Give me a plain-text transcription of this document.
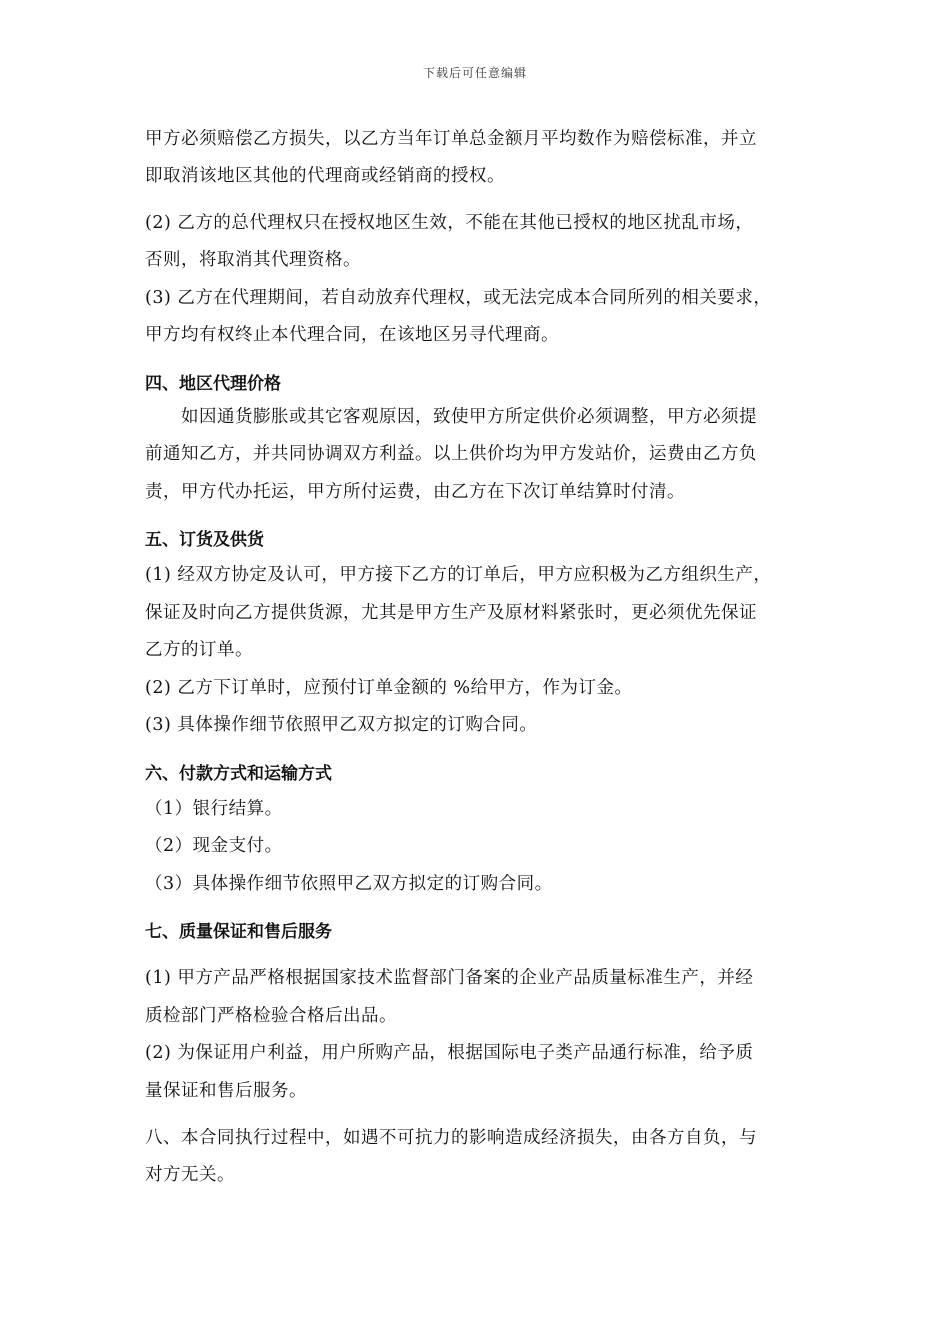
下载后可任意编辑
甲方必须赔偿乙方损失，以乙方当年订单总金额月平均数作为赔偿标准，并立
即取消该地区其他的代理商或经销商的授权。
(2) 乙方的总代理权只在授权地区生效，不能在其他已授权的地区扰乱市场，
否则，将取消其代理资格。
(3) 乙方在代理期间，若自动放弃代理权，或无法完成本合同所列的相关要求，
甲方均有权终止本代理合同，在该地区另寻代理商。
四、地区代理价格
　　如因通货膨胀或其它客观原因，致使甲方所定供价必须调整，甲方必须提
前通知乙方，并共同协调双方利益。以上供价均为甲方发站价，运费由乙方负
责，甲方代办托运，甲方所付运费，由乙方在下次订单结算时付清。
五、订货及供货
(1) 经双方协定及认可，甲方接下乙方的订单后，甲方应积极为乙方组织生产，
保证及时向乙方提供货源，尤其是甲方生产及原材料紧张时，更必须优先保证
乙方的订单。
(2) 乙方下订单时，应预付订单金额的 %给甲方，作为订金。
(3) 具体操作细节依照甲乙双方拟定的订购合同。
六、付款方式和运输方式
（1）银行结算。
（2）现金支付。
（3）具体操作细节依照甲乙双方拟定的订购合同。
七、质量保证和售后服务
(1) 甲方产品严格根据国家技术监督部门备案的企业产品质量标准生产，并经
质检部门严格检验合格后出品。
(2) 为保证用户利益，用户所购产品，根据国际电子类产品通行标准，给予质
量保证和售后服务。
八、本合同执行过程中，如遇不可抗力的影响造成经济损失，由各方自负，与
对方无关。
